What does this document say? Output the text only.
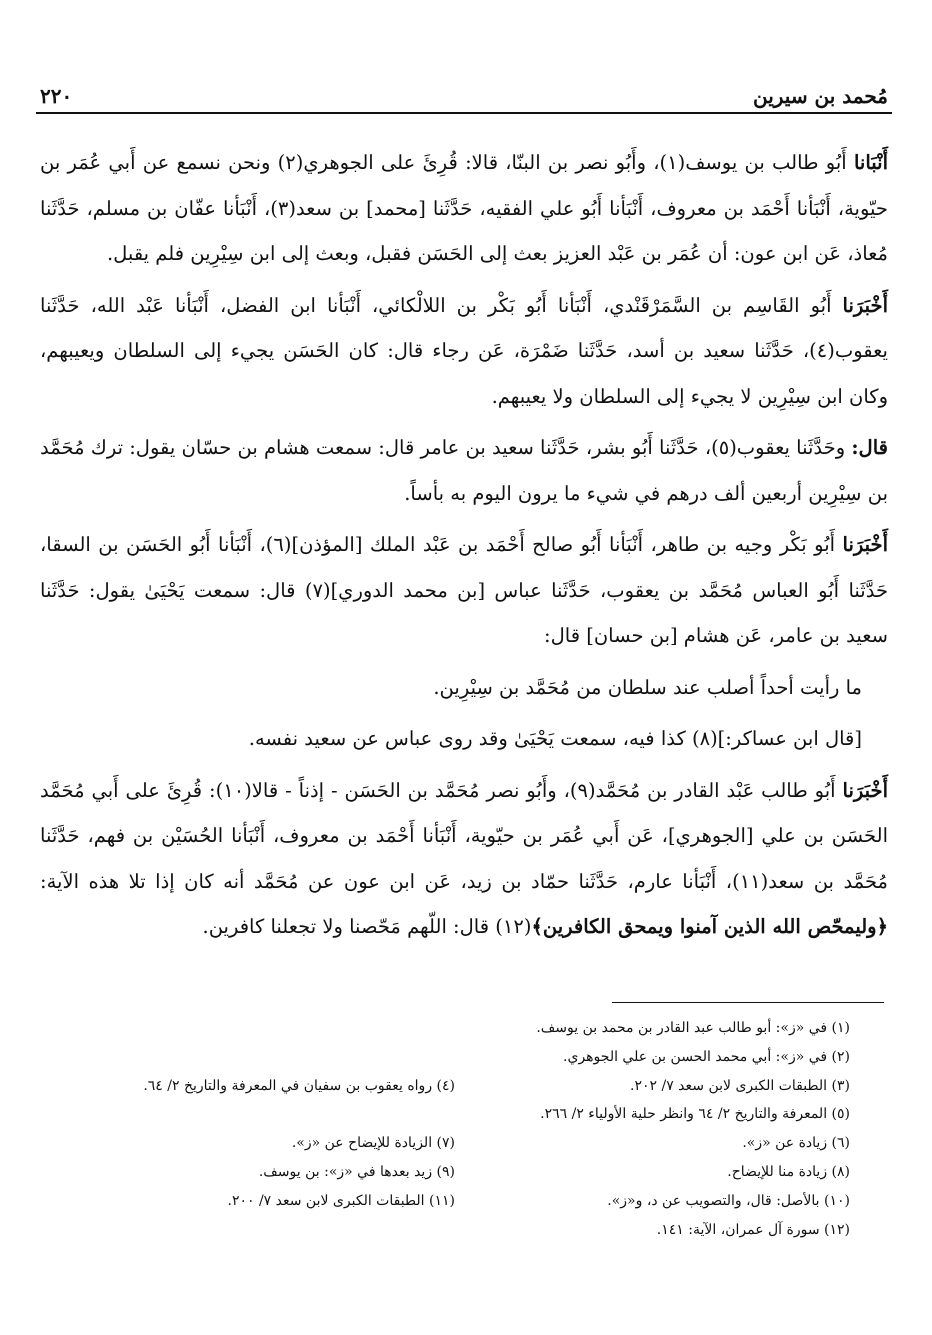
مُحمد بن سيرين
٢٢٠

أَنْبَانا أَبُو طالب بن يوسف(١)، وأَبُو نصر بن البنّا، قالا: قُرِئَ على الجوهري(٢) ونحن نسمع عن أَبي عُمَر بن حيّوية، أَنْبَأنا أَحْمَد بن معروف، أَنْبَأنا أَبُو علي الفقيه، حَدَّثَنا [محمد] بن سعد(٣)، أَنْبَأنا عفّان بن مسلم، حَدَّثَنا مُعاذ، عَن ابن عون: أن عُمَر بن عَبْد العزيز بعث إلى الحَسَن فقبل، وبعث إلى ابن سِيْرِين فلم يقبل.

أَخْبَرَنا أَبُو القَاسِم بن السَّمَرْقَنْدي، أَنْبَأنا أَبُو بَكْر بن اللالْكائي، أَنْبَأنا ابن الفضل، أَنْبَأنا عَبْد الله، حَدَّثَنا يعقوب(٤)، حَدَّثَنا سعيد بن أسد، حَدَّثَنا ضَمْرَة، عَن رجاء قال: كان الحَسَن يجيء إلى السلطان ويعيبهم، وكان ابن سِيْرِين لا يجيء إلى السلطان ولا يعيبهم.

قال: وحَدَّثَنا يعقوب(٥)، حَدَّثَنا أَبُو بشر، حَدَّثَنا سعيد بن عامر قال: سمعت هشام بن حسّان يقول: ترك مُحَمَّد بن سِيْرِين أربعين ألف درهم في شيء ما يرون اليوم به بأساً.

أَخْبَرَنا أَبُو بَكْر وجيه بن طاهر، أَنْبَأنا أَبُو صالح أَحْمَد بن عَبْد الملك [المؤذن](٦)، أَنْبَأنا أَبُو الحَسَن بن السقا، حَدَّثَنا أَبُو العباس مُحَمَّد بن يعقوب، حَدَّثَنا عباس [بن محمد الدوري](٧) قال: سمعت يَحْيَىٰ يقول: حَدَّثَنا سعيد بن عامر، عَن هشام [بن حسان] قال:

ما رأيت أحداً أصلب عند سلطان من مُحَمَّد بن سِيْرِين.

[قال ابن عساكر:](٨) كذا فيه، سمعت يَحْيَىٰ وقد روى عباس عن سعيد نفسه.

أَخْبَرَنا أَبُو طالب عَبْد القادر بن مُحَمَّد(٩)، وأَبُو نصر مُحَمَّد بن الحَسَن - إذناً - قالا(١٠): قُرِئَ على أَبي مُحَمَّد الحَسَن بن علي [الجوهري]، عَن أَبي عُمَر بن حيّوية، أَنْبَأنا أَحْمَد بن معروف، أَنْبَأنا الحُسَيْن بن فهم، حَدَّثَنا مُحَمَّد بن سعد(١١)، أَنْبَأنا عارم، حَدَّثَنا حمّاد بن زيد، عَن ابن عون عن مُحَمَّد أنه كان إذا تلا هذه الآية: ﴿وليمحّص الله الذين آمنوا ويمحق الكافرين﴾(١٢) قال: اللّهم مَحّصنا ولا تجعلنا كافرين.

(١) في «ز»: أبو طالب عبد القادر بن محمد بن يوسف.
(٢) في «ز»: أبي محمد الحسن بن علي الجوهري.
(٣) الطبقات الكبرى لابن سعد ٧/ ٢٠٢.
(٤) رواه يعقوب بن سفيان في المعرفة والتاريخ ٢/ ٦٤.
(٥) المعرفة والتاريخ ٢/ ٦٤ وانظر حلية الأولياء ٢/ ٢٦٦.
(٦) زيادة عن «ز».
(٧) الزيادة للإيضاح عن «ز».
(٨) زيادة منا للإيضاح.
(٩) زيد بعدها في «ز»: بن يوسف.
(١٠) بالأصل: قال، والتصويب عن د، و«ز».
(١١) الطبقات الكبرى لابن سعد ٧/ ٢٠٠.
(١٢) سورة آل عمران، الآية: ١٤١.
